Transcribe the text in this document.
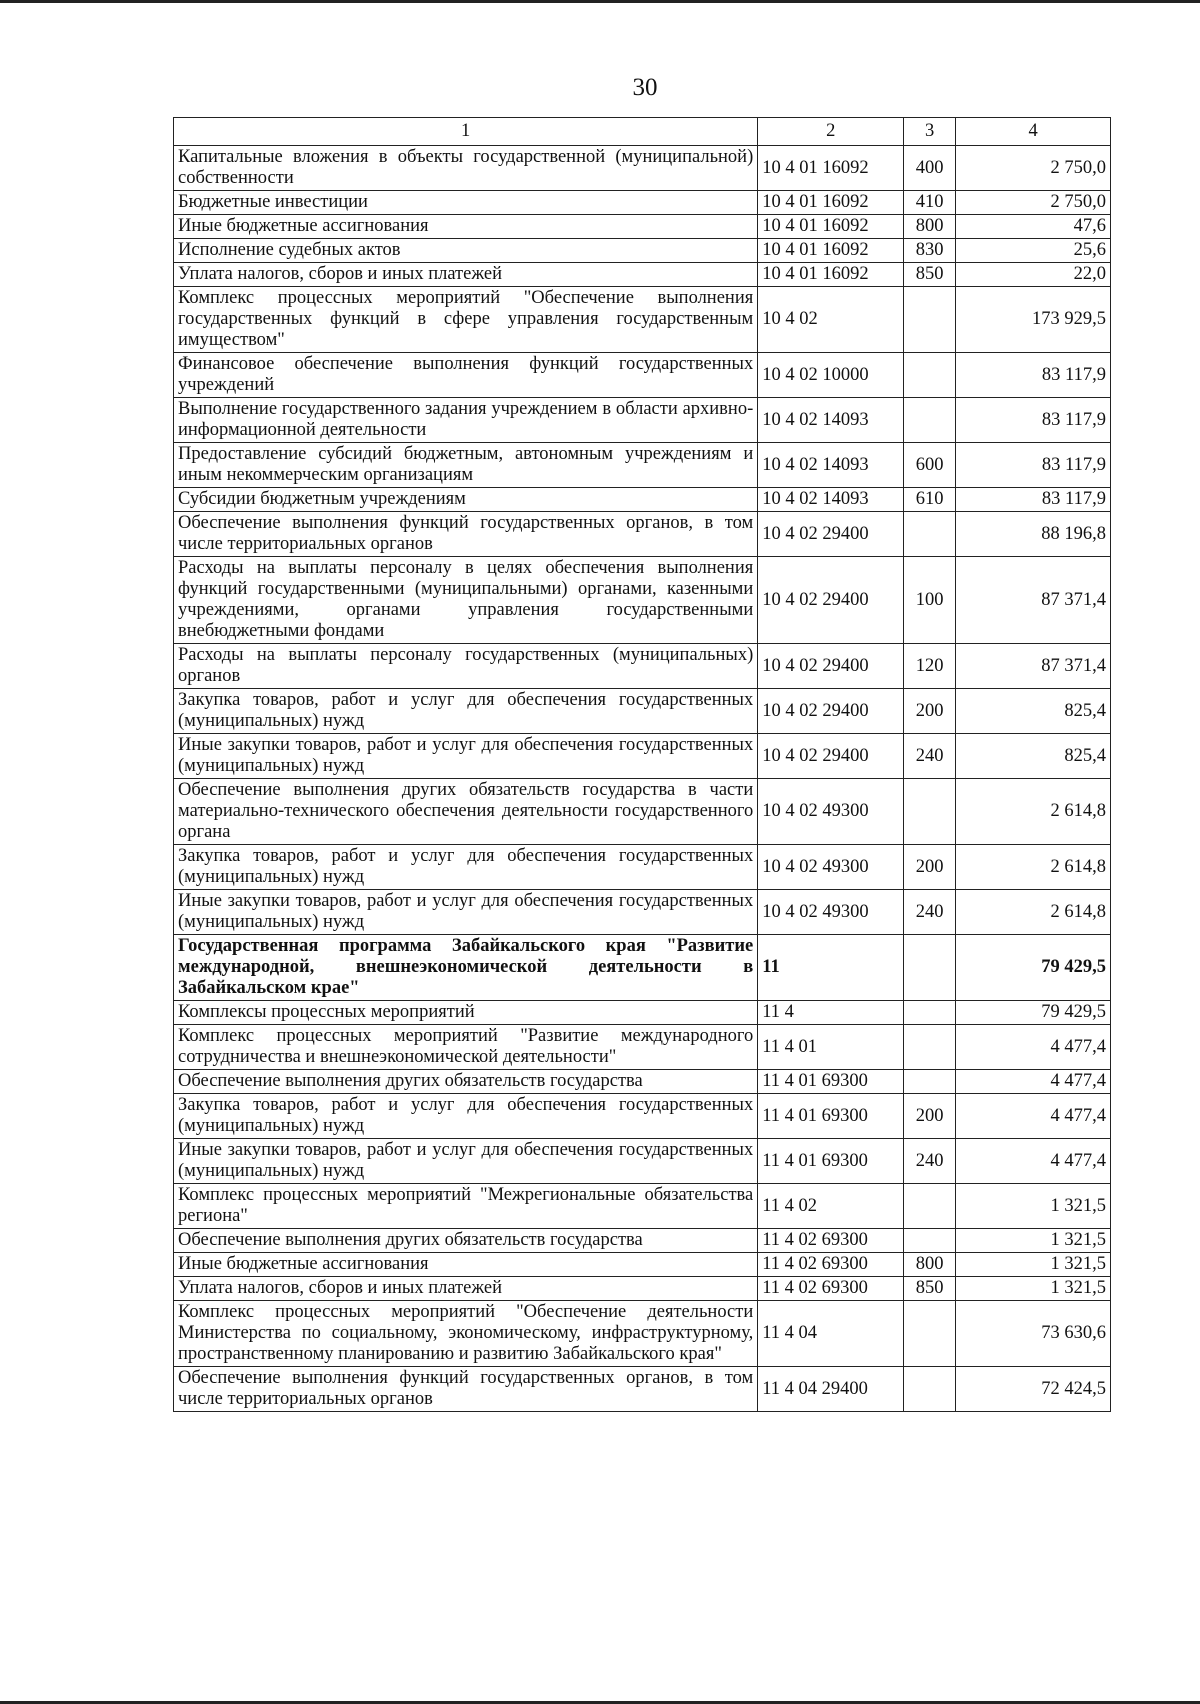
30
1	2	3	4
Капитальные вложения в объекты государственной (муниципальной) собственности	10 4 01 16092	400	2 750,0
Бюджетные инвестиции	10 4 01 16092	410	2 750,0
Иные бюджетные ассигнования	10 4 01 16092	800	47,6
Исполнение судебных актов	10 4 01 16092	830	25,6
Уплата налогов, сборов и иных платежей	10 4 01 16092	850	22,0
Комплекс процессных мероприятий "Обеспечение выполнения государственных функций в сфере управления государственным имуществом"	10 4 02		173 929,5
Финансовое обеспечение выполнения функций государственных учреждений	10 4 02 10000		83 117,9
Выполнение государственного задания учреждением в области архивно-информационной деятельности	10 4 02 14093		83 117,9
Предоставление субсидий бюджетным, автономным учреждениям и иным некоммерческим организациям	10 4 02 14093	600	83 117,9
Субсидии бюджетным учреждениям	10 4 02 14093	610	83 117,9
Обеспечение выполнения функций государственных органов, в том числе территориальных органов	10 4 02 29400		88 196,8
Расходы на выплаты персоналу в целях обеспечения выполнения функций государственными (муниципальными) органами, казенными учреждениями, органами управления государственными внебюджетными фондами	10 4 02 29400	100	87 371,4
Расходы на выплаты персоналу государственных (муниципальных) органов	10 4 02 29400	120	87 371,4
Закупка товаров, работ и услуг для обеспечения государственных (муниципальных) нужд	10 4 02 29400	200	825,4
Иные закупки товаров, работ и услуг для обеспечения государственных (муниципальных) нужд	10 4 02 29400	240	825,4
Обеспечение выполнения других обязательств государства в части материально-технического обеспечения деятельности государственного органа	10 4 02 49300		2 614,8
Закупка товаров, работ и услуг для обеспечения государственных (муниципальных) нужд	10 4 02 49300	200	2 614,8
Иные закупки товаров, работ и услуг для обеспечения государственных (муниципальных) нужд	10 4 02 49300	240	2 614,8
Государственная программа Забайкальского края "Развитие международной, внешнеэкономической деятельности в Забайкальском крае"	11		79 429,5
Комплексы процессных мероприятий	11 4		79 429,5
Комплекс процессных мероприятий "Развитие международного сотрудничества и внешнеэкономической деятельности"	11 4 01		4 477,4
Обеспечение выполнения других обязательств государства	11 4 01 69300		4 477,4
Закупка товаров, работ и услуг для обеспечения государственных (муниципальных) нужд	11 4 01 69300	200	4 477,4
Иные закупки товаров, работ и услуг для обеспечения государственных (муниципальных) нужд	11 4 01 69300	240	4 477,4
Комплекс процессных мероприятий "Межрегиональные обязательства региона"	11 4 02		1 321,5
Обеспечение выполнения других обязательств государства	11 4 02 69300		1 321,5
Иные бюджетные ассигнования	11 4 02 69300	800	1 321,5
Уплата налогов, сборов и иных платежей	11 4 02 69300	850	1 321,5
Комплекс процессных мероприятий "Обеспечение деятельности Министерства по социальному, экономическому, инфраструктурному, пространственному планированию и развитию Забайкальского края"	11 4 04		73 630,6
Обеспечение выполнения функций государственных органов, в том числе территориальных органов	11 4 04 29400		72 424,5
